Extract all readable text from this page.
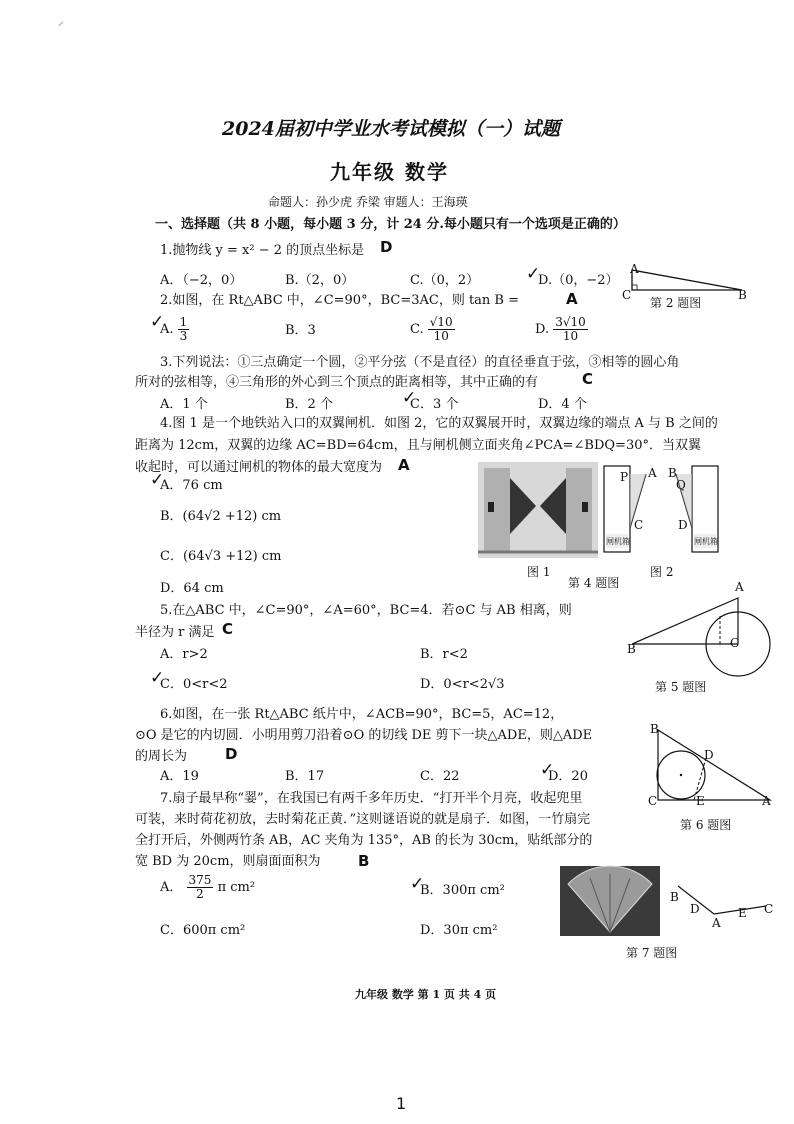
⸝
2024届初中学业水考试模拟（一）试题
九年级 数学
命题人：孙少虎 乔梁 审题人：王海瑛
一、选择题（共 8 小题，每小题 3 分，计 24 分.每小题只有一个选项是正确的）
1.抛物线 y = x² − 2 的顶点坐标是 D
A．（−2，0）	B.（2，0）	C.（0，2）	D.（0，−2）
✓	A
C	B
第 2 题图
2.如图，在 Rt△ABC 中，∠C=90°，BC=3AC，则 tan B =	A
A. $\frac{1}{3}$
✓	B．3	C. $\frac{√10}{10}$	D. $\frac{3√10}{10}$
3.下列说法：①三点确定一个圆，②平分弦（不是直径）的直径垂直于弦，③相等的圆心角
所对的弦相等，④三角形的外心到三个顶点的距离相等，其中正确的有	C
A．1 个	B．2 个	C．3 个	D．4 个
✓
4.图 1 是一个地铁站入口的双翼闸机．如图 2，它的双翼展开时，双翼边缘的端点 A 与 B 之间的
距离为 12cm，双翼的边缘 AC=BD=64cm，且与闸机侧立面夹角∠PCA=∠BDQ=30°．当双翼
收起时，可以通过闸机的物体的最大宽度为 A
A．76 cm
✓
B．(64√2 +12) cm
C．(64√3 +12) cm
D．64 cm
P A B
Q
C	D
闸机箱	闸机箱
图 1	图 2
第 4 题图
5.在△ABC 中，∠C=90°，∠A=60°，BC=4．若⊙C 与 AB 相离，则
半径为 r 满足 C
A．r>2	B．r<2
C．0<r<2
✓	D．0<r<2√3
A
B	C
第 5 题图
6.如图，在一张 Rt△ABC 纸片中，∠ACB=90°，BC=5，AC=12，
⊙O 是它的内切圆．小明用剪刀沿着⊙O 的切线 DE 剪下一块△ADE，则△ADE
的周长为	D
A．19	B．17	C．22	D．20
✓
B
D
C	E	A
第 6 题图
7.扇子最早称“翣”，在我国已有两千多年历史．“打开半个月亮，收起兜里
可装，来时荷花初放，去时菊花正黄．”这则谜语说的就是扇子．如图，一竹扇完
全打开后，外侧两竹条 AB，AC 夹角为 135°，AB 的长为 30cm，贴纸部分的
宽 BD 为 20cm，则扇面面积为 B
A． $\frac{375}{2}$ π cm²	B．300π cm²
✓
C．600π cm²	D．30π cm²
B
D
A
E C
第 7 题图
九年级 数学 第 1 页 共 4 页
1
